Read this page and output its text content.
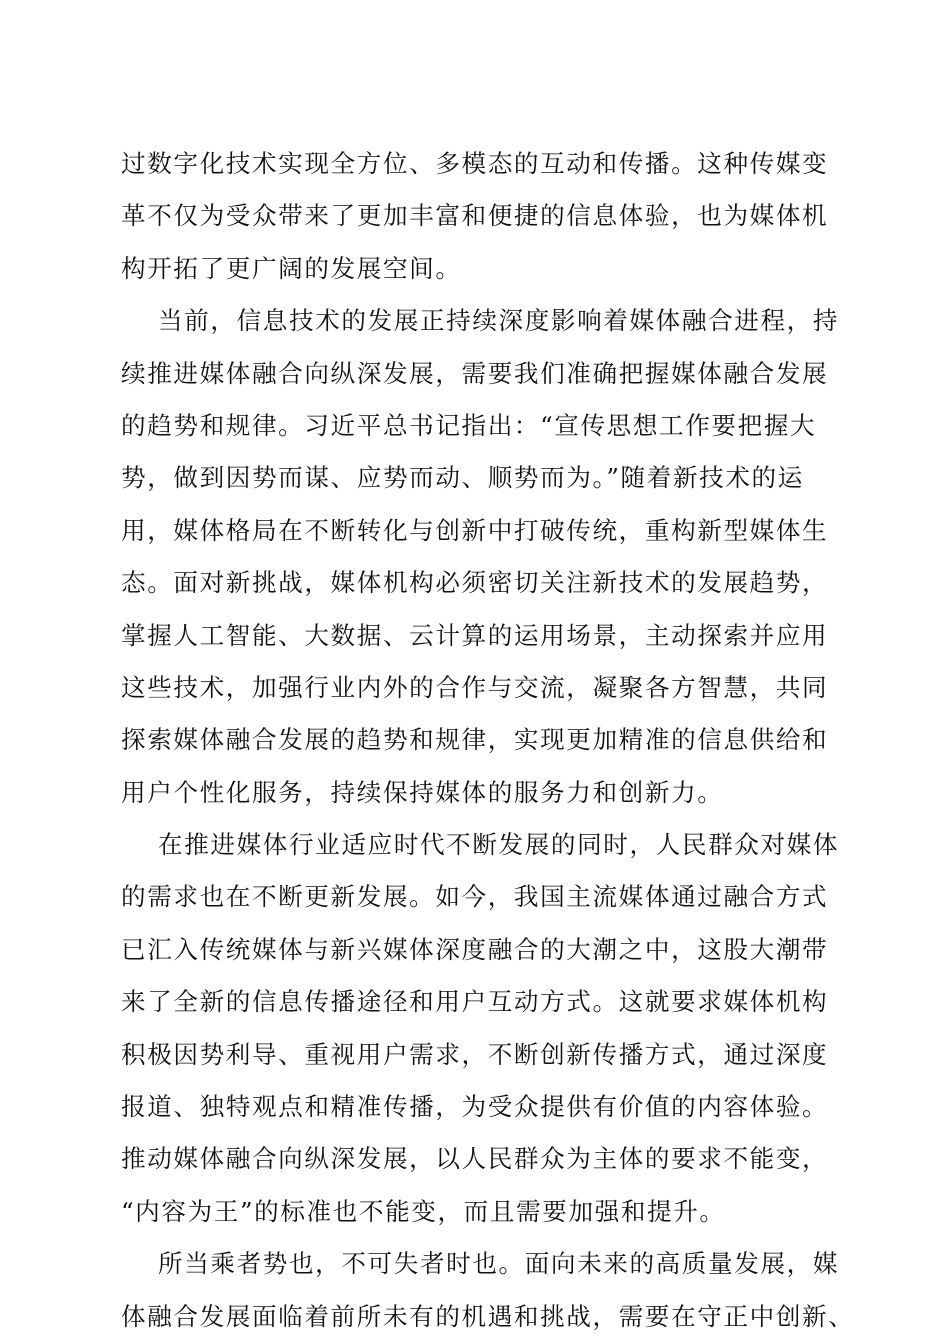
过数字化技术实现全方位、多模态的互动和传播。这种传媒变
革不仅为受众带来了更加丰富和便捷的信息体验，也为媒体机
构开拓了更广阔的发展空间。
当前，信息技术的发展正持续深度影响着媒体融合进程，持
续推进媒体融合向纵深发展，需要我们准确把握媒体融合发展
的趋势和规律。习近平总书记指出：“宣传思想工作要把握大
势，做到因势而谋、应势而动、顺势而为。”随着新技术的运
用，媒体格局在不断转化与创新中打破传统，重构新型媒体生
态。面对新挑战，媒体机构必须密切关注新技术的发展趋势，
掌握人工智能、大数据、云计算的运用场景，主动探索并应用
这些技术，加强行业内外的合作与交流，凝聚各方智慧，共同
探索媒体融合发展的趋势和规律，实现更加精准的信息供给和
用户个性化服务，持续保持媒体的服务力和创新力。
在推进媒体行业适应时代不断发展的同时，人民群众对媒体
的需求也在不断更新发展。如今，我国主流媒体通过融合方式
已汇入传统媒体与新兴媒体深度融合的大潮之中，这股大潮带
来了全新的信息传播途径和用户互动方式。这就要求媒体机构
积极因势利导、重视用户需求，不断创新传播方式，通过深度
报道、独特观点和精准传播，为受众提供有价值的内容体验。
推动媒体融合向纵深发展，以人民群众为主体的要求不能变，
“内容为王”的标准也不能变，而且需要加强和提升。
所当乘者势也，不可失者时也。面向未来的高质量发展，媒
体融合发展面临着前所未有的机遇和挑战，需要在守正中创新、
